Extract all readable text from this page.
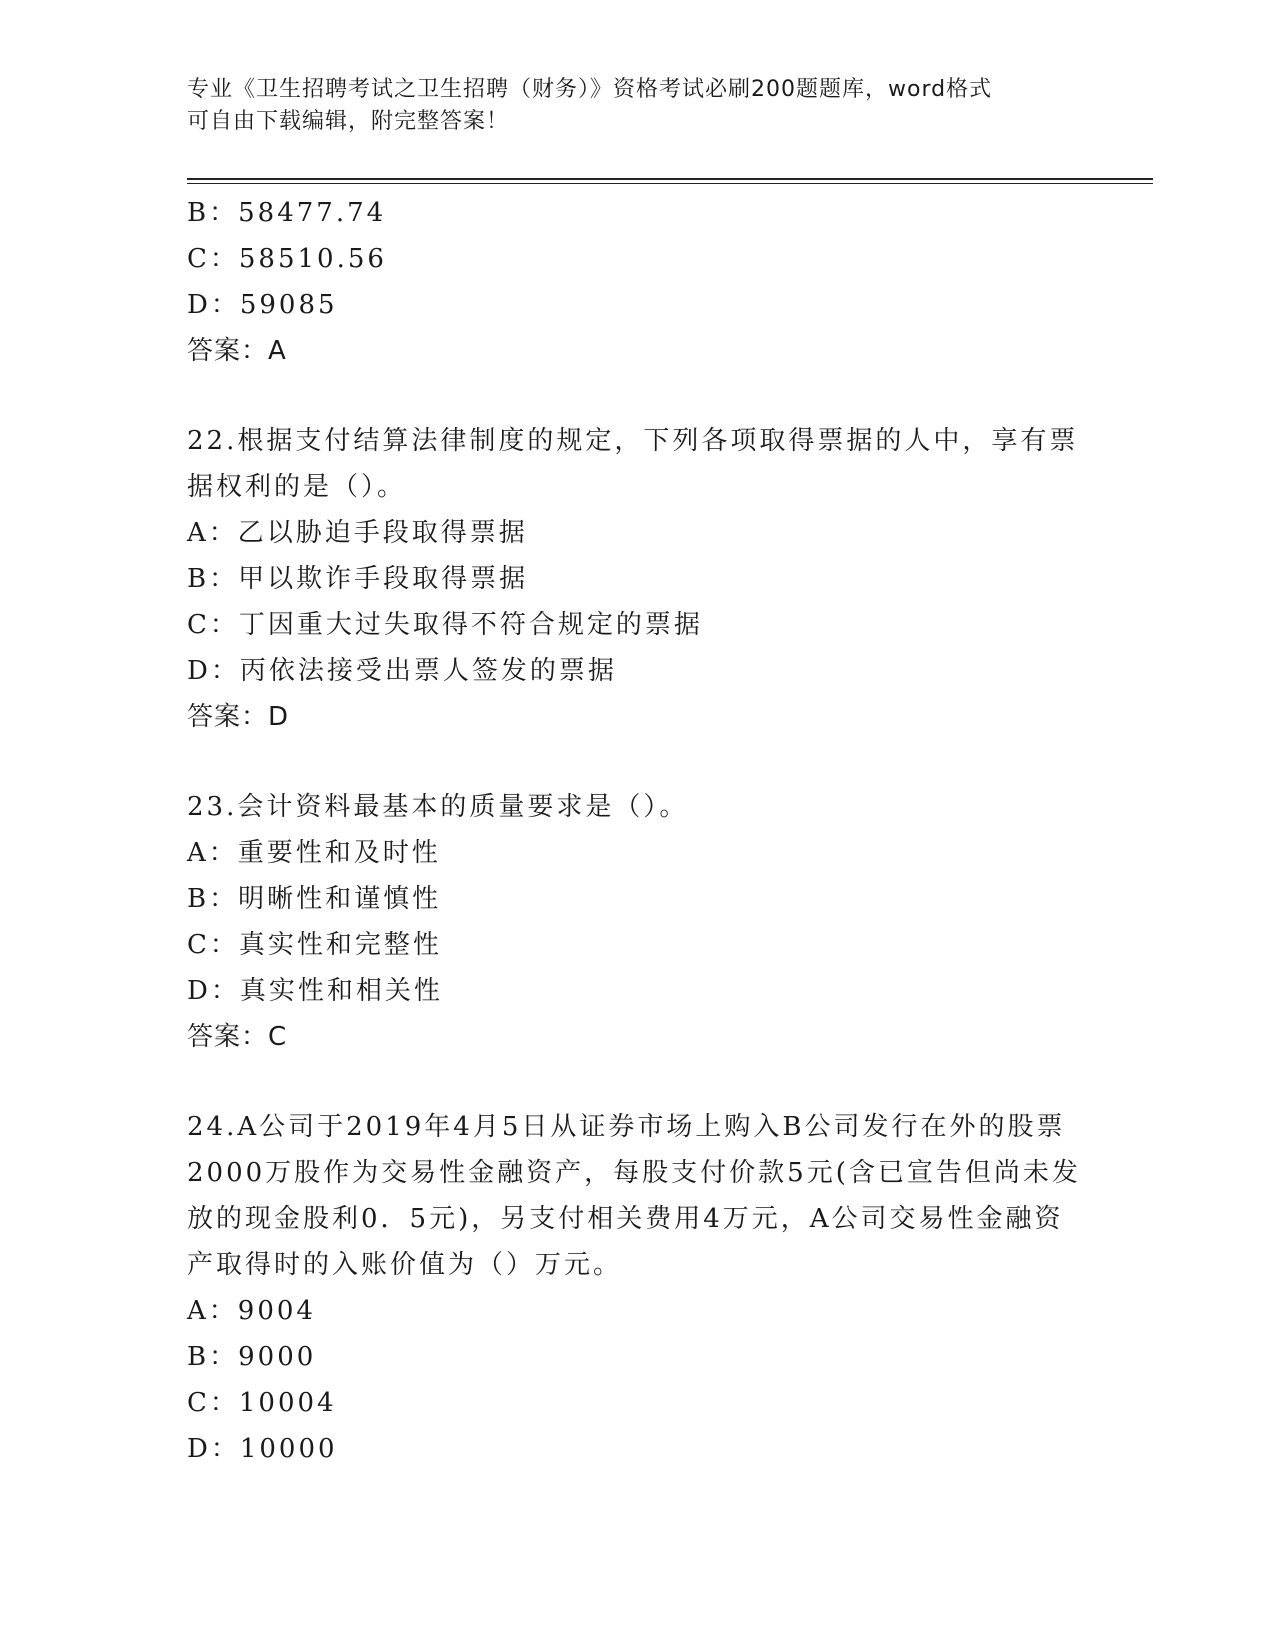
专业《卫生招聘考试之卫生招聘（财务）》资格考试必刷200题题库，word格式
可自由下载编辑，附完整答案！
B：58477.74
C：58510.56
D：59085
答案：A
22.根据支付结算法律制度的规定，下列各项取得票据的人中，享有票
据权利的是（）。
A：乙以胁迫手段取得票据
B：甲以欺诈手段取得票据
C：丁因重大过失取得不符合规定的票据
D：丙依法接受出票人签发的票据
答案：D
23.会计资料最基本的质量要求是（）。
A：重要性和及时性
B：明晰性和谨慎性
C：真实性和完整性
D：真实性和相关性
答案：C
24.A公司于2019年4月5日从证券市场上购入B公司发行在外的股票
2000万股作为交易性金融资产，每股支付价款5元(含已宣告但尚未发
放的现金股利0．5元)，另支付相关费用4万元，A公司交易性金融资
产取得时的入账价值为（）万元。
A：9004
B：9000
C：10004
D：10000
